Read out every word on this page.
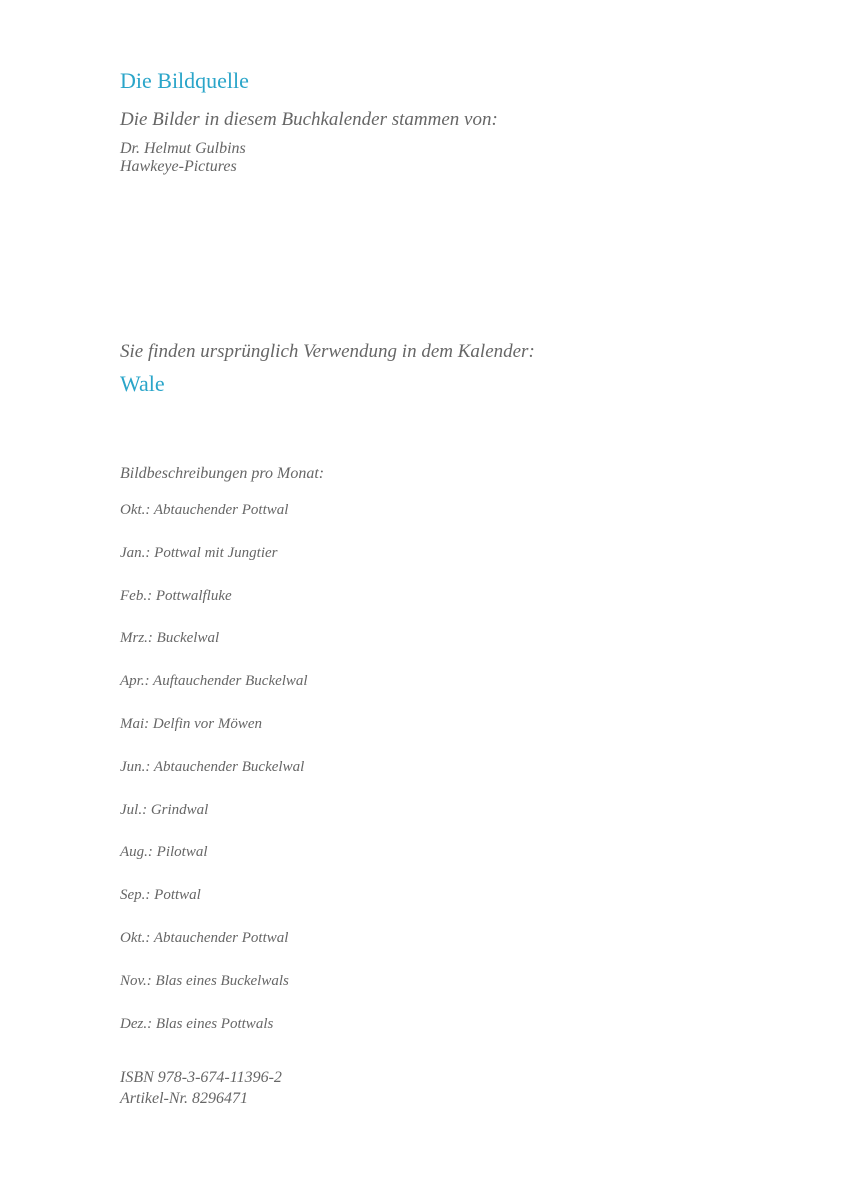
Die Bildquelle

Die Bilder in diesem Buchkalender stammen von:

Dr. Helmut Gulbins
Hawkeye-Pictures

Sie finden ursprünglich Verwendung in dem Kalender:

Wale

Bildbeschreibungen pro Monat:

Okt.: Abtauchender Pottwal
Jan.: Pottwal mit Jungtier
Feb.: Pottwalfluke
Mrz.: Buckelwal
Apr.: Auftauchender Buckelwal
Mai: Delfin vor Möwen
Jun.: Abtauchender Buckelwal
Jul.: Grindwal
Aug.: Pilotwal
Sep.: Pottwal
Okt.: Abtauchender Pottwal
Nov.: Blas eines Buckelwals
Dez.: Blas eines Pottwals
ISBN 978-3-674-11396-2
Artikel-Nr. 8296471
